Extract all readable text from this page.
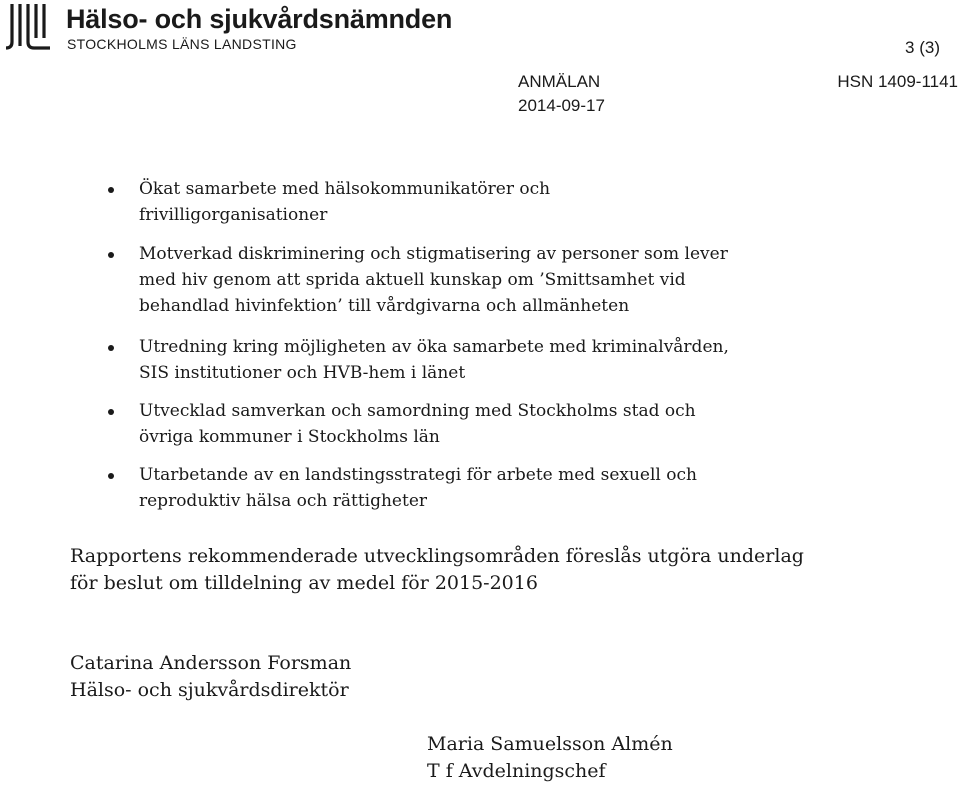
Hälso- och sjukvårdsnämnden
STOCKHOLMS LÄNS LANDSTING	3 (3)
ANMÄLAN
2014-09-17
HSN 1409-1141
Ökat samarbete med hälsokommunikatörer och
frivilligorganisationer
Motverkad diskriminering och stigmatisering av personer som lever
med hiv genom att sprida aktuell kunskap om ’Smittsamhet vid
behandlad hivinfektion’ till vårdgivarna och allmänheten
Utredning kring möjligheten av öka samarbete med kriminalvården,
SIS institutioner och HVB-hem i länet
Utvecklad samverkan och samordning med Stockholms stad och
övriga kommuner i Stockholms län
Utarbetande av en landstingsstrategi för arbete med sexuell och
reproduktiv hälsa och rättigheter
Rapportens rekommenderade utvecklingsområden föreslås utgöra underlag
för beslut om tilldelning av medel för 2015-2016
Catarina Andersson Forsman
Hälso- och sjukvårdsdirektör
Maria Samuelsson Almén
T f Avdelningschef
